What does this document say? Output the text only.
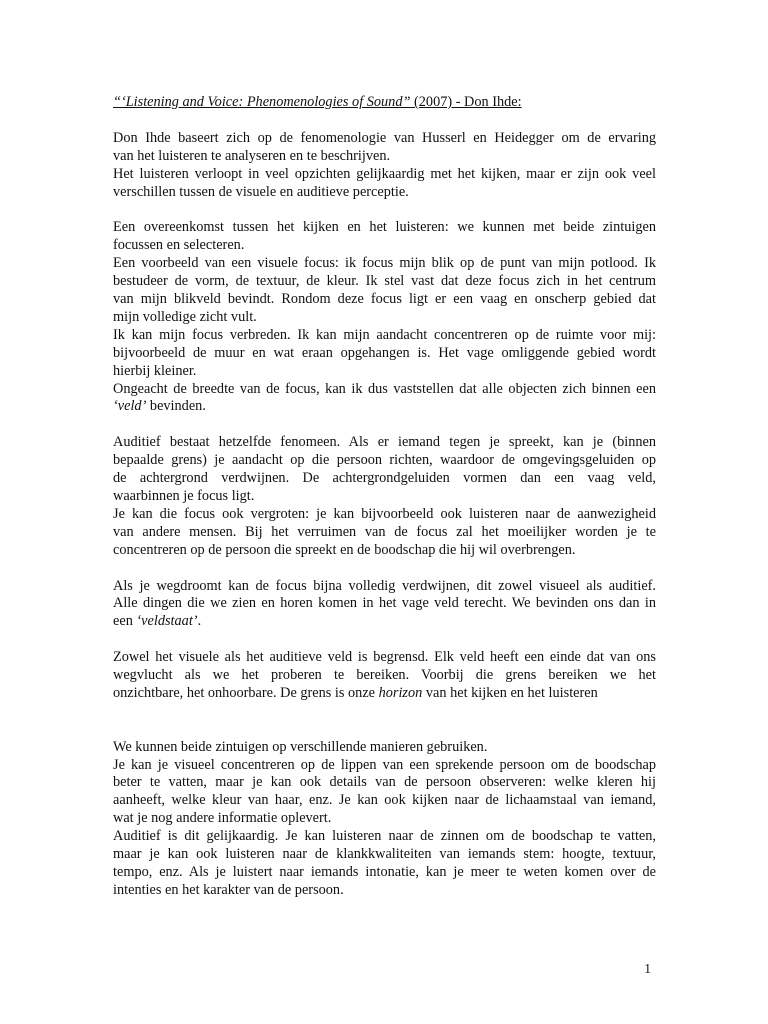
“‘Listening and Voice: Phenomenologies of Sound” (2007) - Don Ihde:
Don Ihde baseert zich op de fenomenologie van Husserl en Heidegger om de ervaring
van het luisteren te analyseren en te beschrijven.
Het luisteren verloopt in veel opzichten gelijkaardig met het kijken, maar er zijn ook veel
verschillen tussen de visuele en auditieve perceptie.
Een overeenkomst tussen het kijken en het luisteren: we kunnen met beide zintuigen
focussen en selecteren.
Een voorbeeld van een visuele focus: ik focus mijn blik op de punt van mijn potlood. Ik
bestudeer de vorm, de textuur, de kleur. Ik stel vast dat deze focus zich in het centrum
van mijn blikveld bevindt. Rondom deze focus ligt er een vaag en onscherp gebied dat
mijn volledige zicht vult.
Ik kan mijn focus verbreden. Ik kan mijn aandacht concentreren op de ruimte voor mij:
bijvoorbeeld de muur en wat eraan opgehangen is. Het vage omliggende gebied wordt
hierbij kleiner.
Ongeacht de breedte van de focus, kan ik dus vaststellen dat alle objecten zich binnen een
‘veld’ bevinden.
Auditief bestaat hetzelfde fenomeen. Als er iemand tegen je spreekt, kan je (binnen
bepaalde grens) je aandacht op die persoon richten, waardoor de omgevingsgeluiden op
de achtergrond verdwijnen. De achtergrondgeluiden vormen dan een vaag veld,
waarbinnen je focus ligt.
Je kan die focus ook vergroten: je kan bijvoorbeeld ook luisteren naar de aanwezigheid
van andere mensen. Bij het verruimen van de focus zal het moeilijker worden je te
concentreren op de persoon die spreekt en de boodschap die hij wil overbrengen.
Als je wegdroomt kan de focus bijna volledig verdwijnen, dit zowel visueel als auditief.
Alle dingen die we zien en horen komen in het vage veld terecht. We bevinden ons dan in
een ‘veldstaat’.
Zowel het visuele als het auditieve veld is begrensd. Elk veld heeft een einde dat van ons
wegvlucht als we het proberen te bereiken. Voorbij die grens bereiken we het
onzichtbare, het onhoorbare. De grens is onze horizon van het kijken en het luisteren
We kunnen beide zintuigen op verschillende manieren gebruiken.
Je kan je visueel concentreren op de lippen van een sprekende persoon om de boodschap
beter te vatten, maar je kan ook details van de persoon observeren: welke kleren hij
aanheeft, welke kleur van haar, enz. Je kan ook kijken naar de lichaamstaal van iemand,
wat je nog andere informatie oplevert.
Auditief is dit gelijkaardig. Je kan luisteren naar de zinnen om de boodschap te vatten,
maar je kan ook luisteren naar de klankkwaliteiten van iemands stem: hoogte, textuur,
tempo, enz. Als je luistert naar iemands intonatie, kan je meer te weten komen over de
intenties en het karakter van de persoon.
1
